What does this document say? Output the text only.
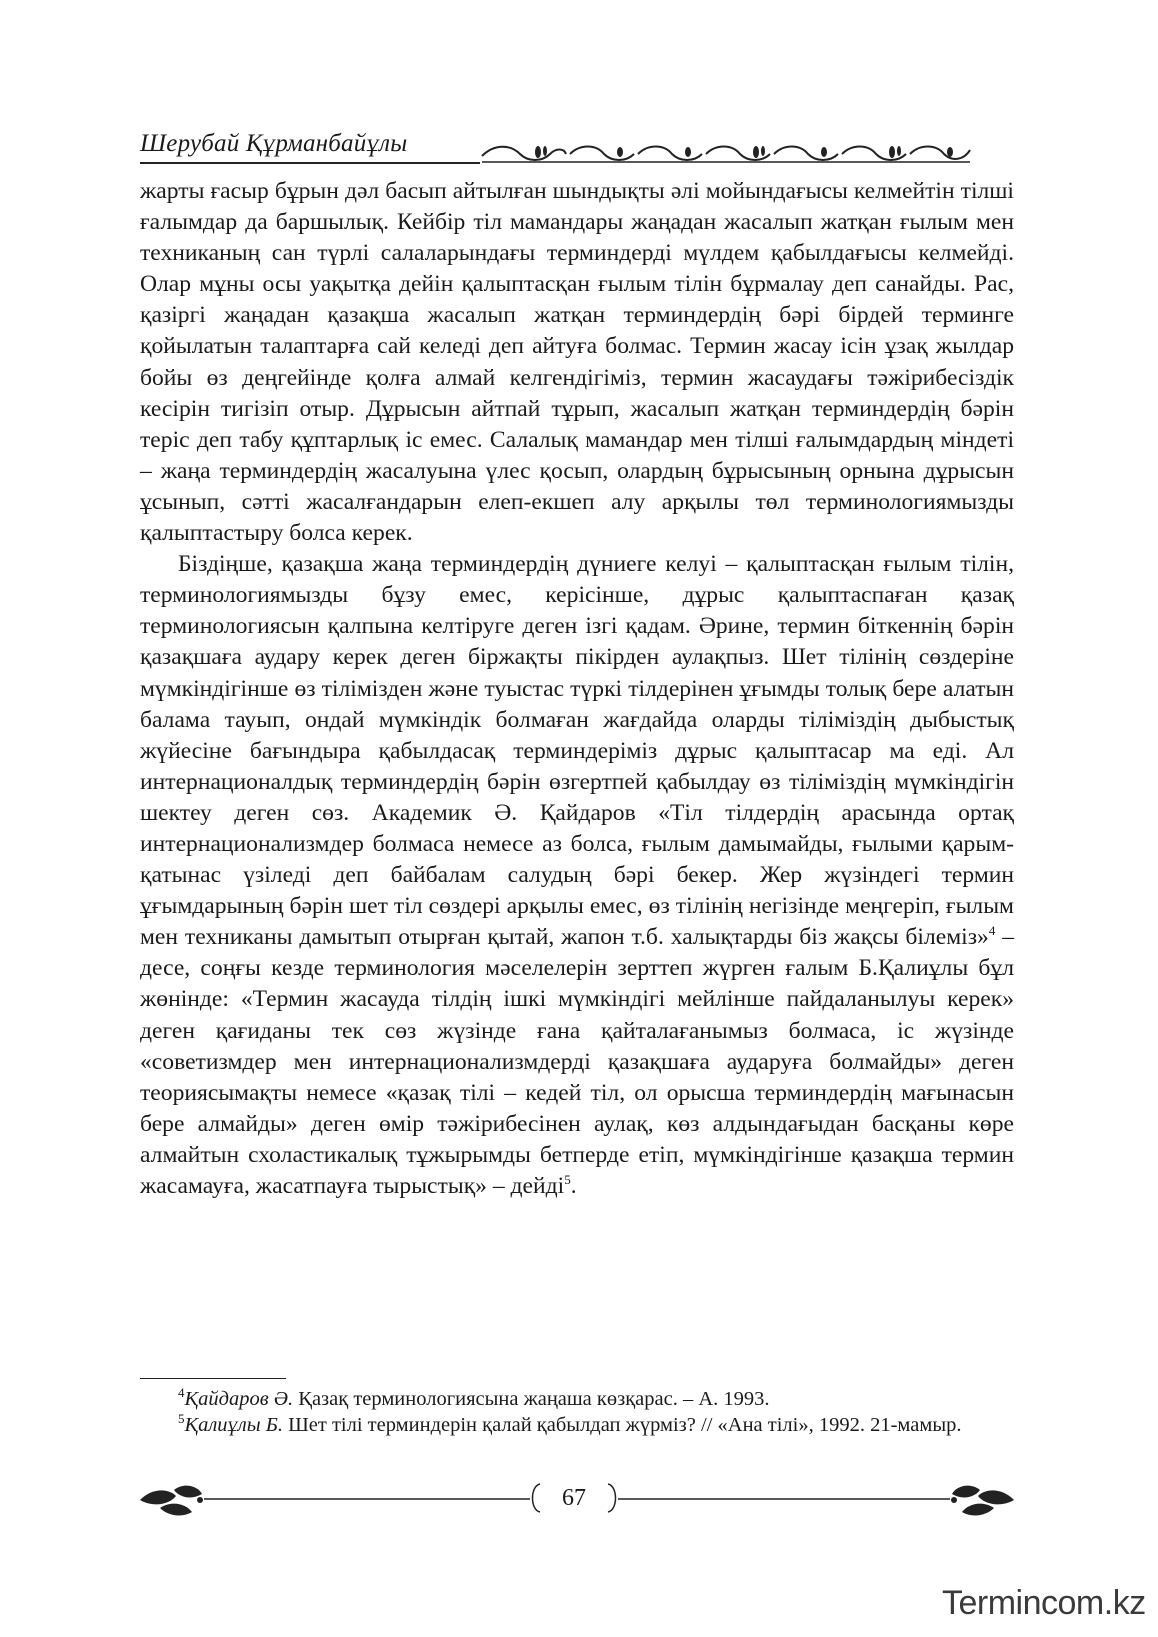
Шерубай Құрманбайұлы

жарты ғасыр бұрын дәл басып айтылған шындықты әлі мойындағысы келмейтін тілші ғалымдар да баршылық. Кейбір тіл мамандары жаңадан жасалып жатқан ғылым мен техниканың сан түрлі салаларындағы терминдерді мүлдем қабылдағысы келмейді. Олар мұны осы уақытқа дейін қалыптасқан ғылым тілін бұрмалау деп санайды. Рас, қазіргі жаңадан қазақша жасалып жатқан терминдердің бәрі бірдей терминге қойылатын талаптарға сай келеді деп айтуға болмас. Термин жасау ісін ұзақ жылдар бойы өз деңгейінде қолға алмай келгендігіміз, термин жасаудағы тәжірибесіздік кесірін тигізіп отыр. Дұрысын айтпай тұрып, жасалып жатқан терминдердің бәрін теріс деп табу құптарлық іс емес. Салалық мамандар мен тілші ғалымдардың міндеті – жаңа терминдердің жасалуына үлес қосып, олардың бұрысының орнына дұрысын ұсынып, сәтті жасалғандарын елеп-екшеп алу арқылы төл терминологиямызды қалыптастыру болса керек.

Біздіңше, қазақша жаңа терминдердің дүниеге келуі – қалыптасқан ғылым тілін, терминологиямызды бұзу емес, керісінше, дұрыс қалыптаспаған қазақ терминологиясын қалпына келтіруге деген ізгі қадам. Әрине, термин біткеннің бәрін қазақшаға аудару керек деген біржақты пікірден аулақпыз. Шет тілінің сөздеріне мүмкіндігінше өз тілімізден және туыстас түркі тілдерінен ұғымды толық бере алатын балама тауып, ондай мүмкіндік болмаған жағдайда оларды тіліміздің дыбыстық жүйесіне бағындыра қабылдасақ терминдеріміз дұрыс қалыптасар ма еді. Ал интернационалдық терминдердің бәрін өзгертпей қабылдау өз тіліміздің мүмкіндігін шектеу деген сөз. Академик Ә. Қайдаров «Тіл тілдердің арасында ортақ интернационализмдер болмаса немесе аз болса, ғылым дамымайды, ғылыми қарым-қатынас үзіледі деп байбалам салудың бәрі бекер. Жер жүзіндегі термин ұғымдарының бәрін шет тіл сөздері арқылы емес, өз тілінің негізінде меңгеріп, ғылым мен техниканы дамытып отырған қытай, жапон т.б. халықтарды біз жақсы білеміз»$^4$ – десе, соңғы кезде терминология мәселелерін зерттеп жүрген ғалым Б.Қалиұлы бұл жөнінде: «Термин жасауда тілдің ішкі мүмкіндігі мейлінше пайдаланылуы керек» деген қағиданы тек сөз жүзінде ғана қайталағанымыз болмаса, іс жүзінде «советизмдер мен интернационализмдерді қазақшаға аударуға болмайды» деген теориясымақты немесе «қазақ тілі – кедей тіл, ол орысша терминдердің мағынасын бере алмайды» деген өмір тәжірибесінен аулақ, көз алдындағыдан басқаны көре алмайтын схоластикалық тұжырымды бетперде етіп, мүмкіндігінше қазақша термин жасамауға, жасатпауға тырыстық» – дейді$^5$.

$^4$Қайдаров Ә. Қазақ терминологиясына жаңаша көзқарас. – А. 1993.

$^5$Қалиұлы Б. Шет тілі терминдерін қалай қабылдап жүрміз? // «Ана тілі», 1992. 21-мамыр.

67
Termincom.kz
